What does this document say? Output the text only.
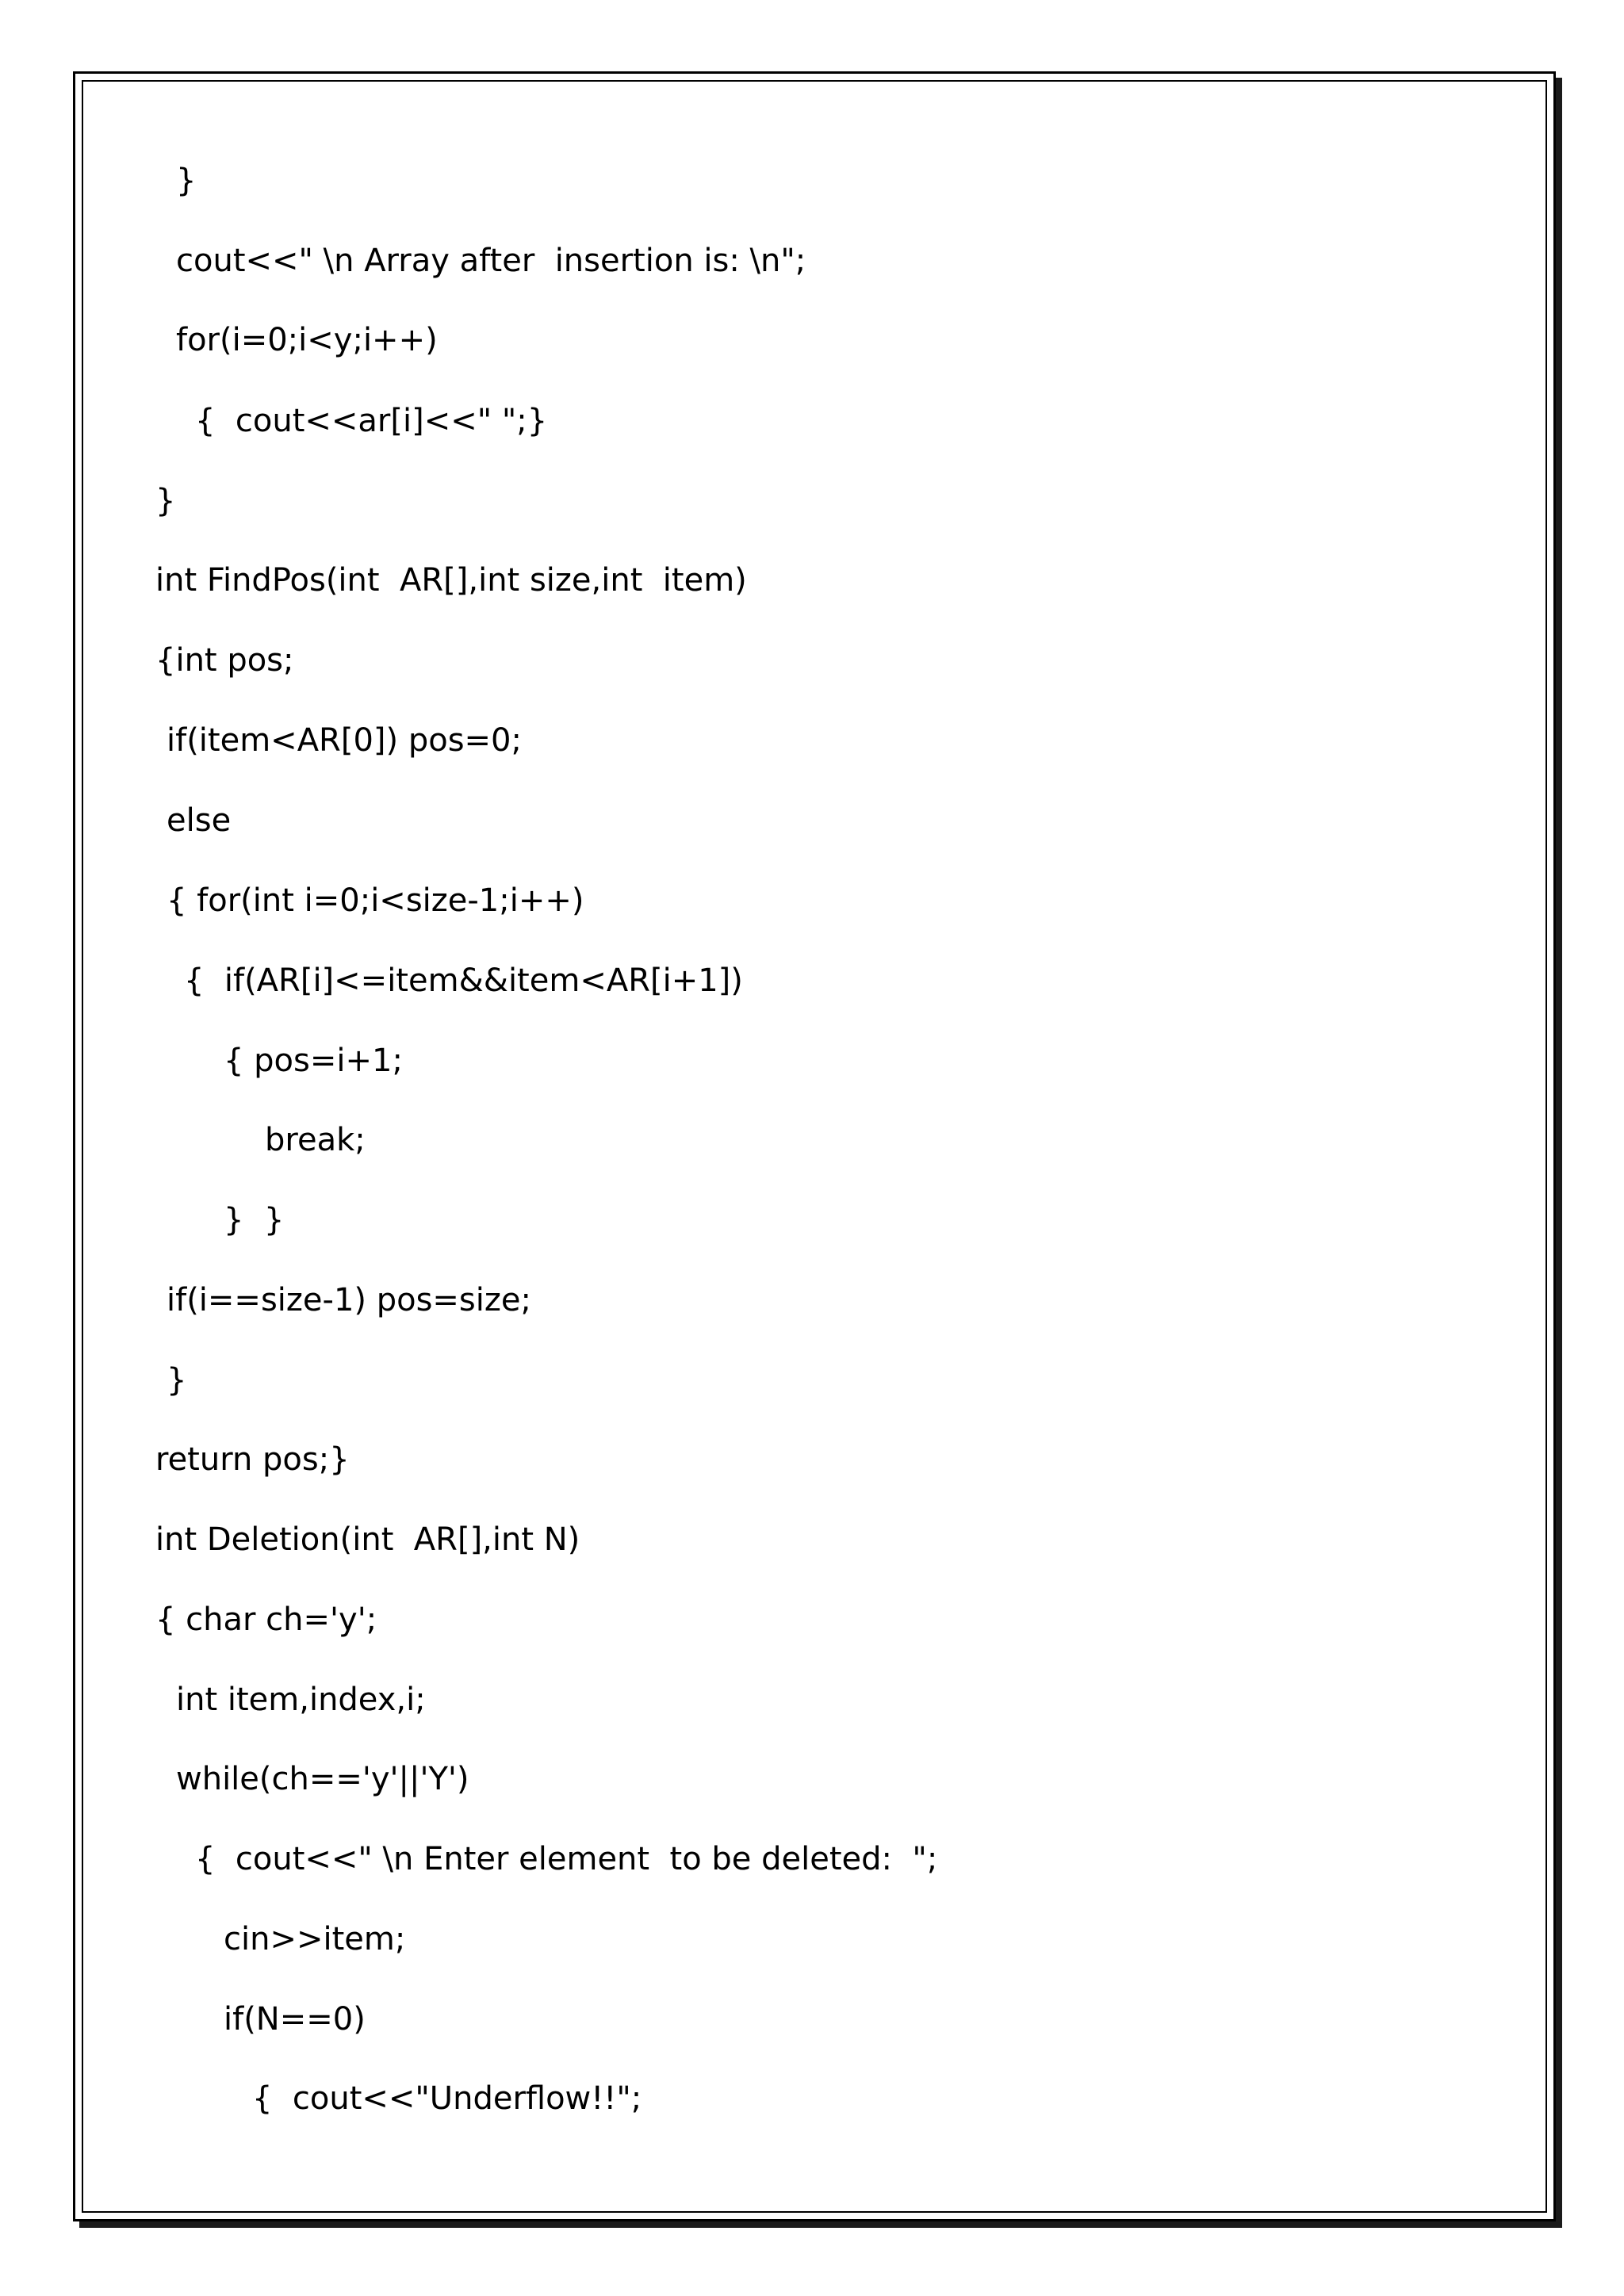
}
cout<<" \n Array after  insertion is: \n";
for(i=0;i<y;i++)
{  cout<<ar[i]<<" ";}
}
int FindPos(int  AR[],int size,int  item)
{int pos;
if(item<AR[0]) pos=0;
else
{ for(int i=0;i<size-1;i++)
{  if(AR[i]<=item&&item<AR[i+1])
{ pos=i+1;
break;
}  }
if(i==size-1) pos=size;
}
return pos;}
int Deletion(int  AR[],int N)
{ char ch='y';
int item,index,i;
while(ch=='y'||'Y')
{  cout<<" \n Enter element  to be deleted:  ";
cin>>item;
if(N==0)
{  cout<<"Underflow!!";
